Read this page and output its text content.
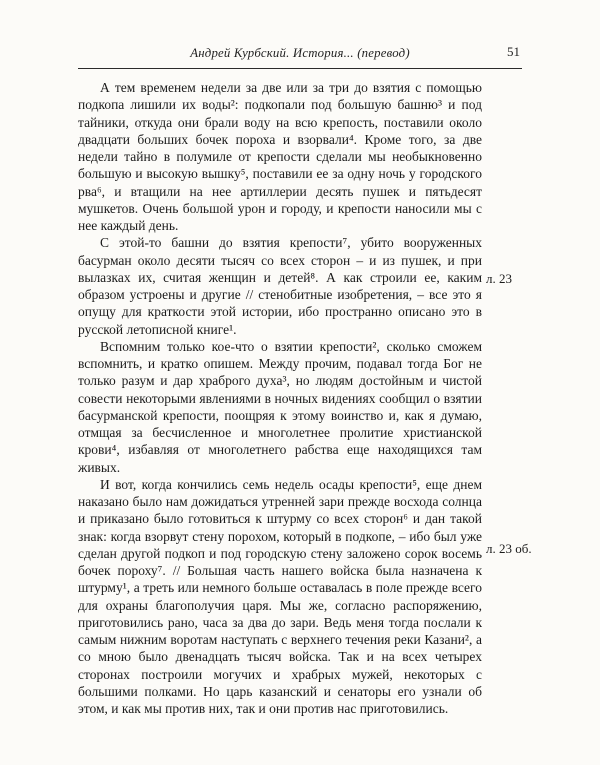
Андрей Курбский. История... (перевод)	51

А тем временем недели за две или за три до взятия с помощью подкопа лишили их воды²: подкопали под большую башню³ и под тайники, откуда они брали воду на всю крепость, поставили около двадцати больших бочек пороха и взорвали⁴. Кроме того, за две недели тайно в полумиле от крепости сделали мы необыкновенно большую и высокую вышку⁵, поставили ее за одну ночь у городского рва⁶, и втащили на нее артиллерии десять пушек и пятьдесят мушкетов. Очень большой урон и городу, и крепости наносили мы с нее каждый день.

С этой-то башни до взятия крепости⁷, убито вооруженных басурман около десяти тысяч со всех сторон – и из пушек, и при вылазках их, считая женщин и детей⁸. А как строили ее, каким образом устроены и другие // стенобитные изобретения, – все это я опущу для краткости этой истории, ибо пространно описано это в русской летописной книге¹.

Вспомним только кое-что о взятии крепости², сколько сможем вспомнить, и кратко опишем. Между прочим, подавал тогда Бог не только разум и дар храброго духа³, но людям достойным и чистой совести некоторыми явлениями в ночных видениях сообщил о взятии басурманской крепости, поощряя к этому воинство и, как я думаю, отмщая за бесчисленное и многолетнее пролитие христианской крови⁴, избавляя от многолетнего рабства еще находящихся там живых.

И вот, когда кончились семь недель осады крепости⁵, еще днем наказано было нам дожидаться утренней зари прежде восхода солнца и приказано было готовиться к штурму со всех сторон⁶ и дан такой знак: когда взорвут стену порохом, который в подкопе, – ибо был уже сделан другой подкоп и под городскую стену заложено сорок восемь бочек пороху⁷. // Большая часть нашего войска была назначена к штурму¹, а треть или немного больше оставалась в поле прежде всего для охраны благополучия царя. Мы же, согласно распоряжению, приготовились рано, часа за два до зари. Ведь меня тогда послали к самым нижним воротам наступать с верхнего течения реки Казани², а со мною было двенадцать тысяч войска. Так и на всех четырех сторонах построили могучих и храбрых мужей, некоторых с большими полками. Но царь казанский и сенаторы его узнали об этом, и как мы против них, так и они против нас приготовились.

л. 23
л. 23 об.
